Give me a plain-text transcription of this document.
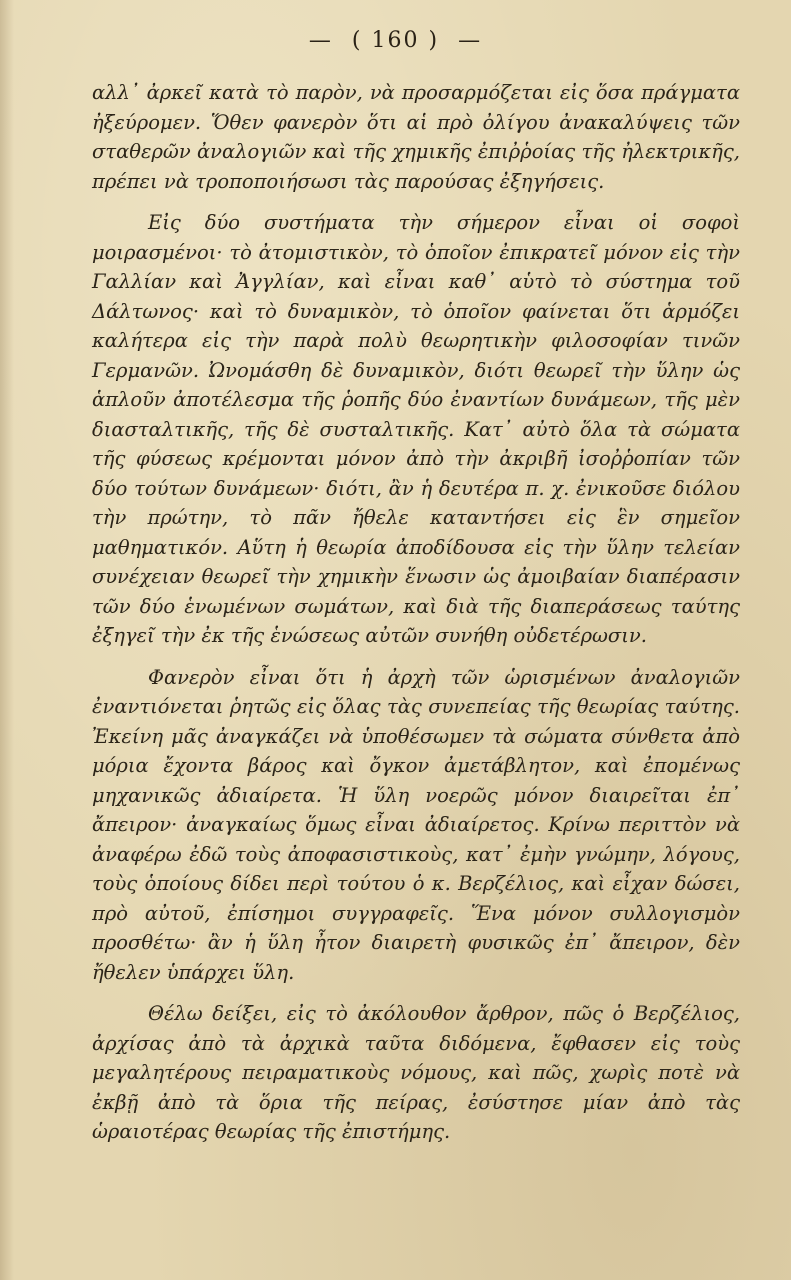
— ( 160 ) —

αλλ᾽ ἀρκεῖ κατὰ τὸ παρὸν, νὰ προσαρμόζεται εἰς ὅσα πράγματα ἠξεύρομεν. Ὅθεν φανερὸν ὅτι αἱ πρὸ ὀλίγου ἀνακαλύψεις τῶν σταθερῶν ἀναλογιῶν καὶ τῆς χημικῆς ἐπιῤῥοίας τῆς ἠλεκτρικῆς, πρέπει νὰ τροποποιήσωσι τὰς παρούσας ἐξηγήσεις.

Εἰς δύο συστήματα τὴν σήμερον εἶναι οἱ σοφοὶ μοιρασμένοι· τὸ ἀτομιστικὸν, τὸ ὁποῖον ἐπικρατεῖ μόνον εἰς τὴν Γαλλίαν καὶ Ἀγγλίαν, καὶ εἶναι καθ᾽ αὑτὸ τὸ σύστημα τοῦ Δάλτωνος· καὶ τὸ δυναμικὸν, τὸ ὁποῖον φαίνεται ὅτι ἁρμόζει καλήτερα εἰς τὴν παρὰ πολὺ θεωρητικὴν φιλοσοφίαν τινῶν Γερμανῶν. Ὠνομάσθη δὲ δυναμικὸν, διότι θεωρεῖ τὴν ὕλην ὡς ἁπλοῦν ἀποτέλεσμα τῆς ῥοπῆς δύο ἐναντίων δυνάμεων, τῆς μὲν διασταλτικῆς, τῆς δὲ συσταλτικῆς. Κατ᾽ αὐτὸ ὅλα τὰ σώματα τῆς φύσεως κρέμονται μόνον ἀπὸ τὴν ἀκριβῆ ἰσοῤῥοπίαν τῶν δύο τούτων δυνάμεων· διότι, ἂν ἡ δευτέρα π. χ. ἐνικοῦσε διόλου τὴν πρώτην, τὸ πᾶν ἤθελε καταντήσει εἰς ἓν σημεῖον μαθηματικόν. Αὕτη ἡ θεωρία ἀποδίδουσα εἰς τὴν ὕλην τελείαν συνέχειαν θεωρεῖ τὴν χημικὴν ἕνωσιν ὡς ἀμοιβαίαν διαπέρασιν τῶν δύο ἑνωμένων σωμάτων, καὶ διὰ τῆς διαπεράσεως ταύτης ἐξηγεῖ τὴν ἐκ τῆς ἑνώσεως αὐτῶν συνήθη οὐδετέρωσιν.

Φανερὸν εἶναι ὅτι ἡ ἀρχὴ τῶν ὡρισμένων ἀναλογιῶν ἐναντιόνεται ῥητῶς εἰς ὅλας τὰς συνεπείας τῆς θεωρίας ταύτης. Ἐκείνη μᾶς ἀναγκάζει νὰ ὑποθέσωμεν τὰ σώματα σύνθετα ἀπὸ μόρια ἔχοντα βάρος καὶ ὄγκον ἀμετάβλητον, καὶ ἐπομένως μηχανικῶς ἀδιαίρετα. Ἡ ὕλη νοερῶς μόνον διαιρεῖται ἐπ᾽ ἄπειρον· ἀναγκαίως ὅμως εἶναι ἀδιαίρετος. Κρίνω περιττὸν νὰ ἀναφέρω ἐδῶ τοὺς ἀποφασιστικοὺς, κατ᾽ ἐμὴν γνώμην, λόγους, τοὺς ὁποίους δίδει περὶ τούτου ὁ κ. Βερζέλιος, καὶ εἶχαν δώσει, πρὸ αὐτοῦ, ἐπίσημοι συγγραφεῖς. Ἕνα μόνον συλλογισμὸν προσθέτω· ἂν ἡ ὕλη ἦτον διαιρετὴ φυσικῶς ἐπ᾽ ἄπειρον, δὲν ἤθελεν ὑπάρχει ὕλη.

Θέλω δείξει, εἰς τὸ ἀκόλουθον ἄρθρον, πῶς ὁ Βερζέλιος, ἀρχίσας ἀπὸ τὰ ἀρχικὰ ταῦτα διδόμενα, ἔφθασεν εἰς τοὺς μεγαλητέρους πειραματικοὺς νόμους, καὶ πῶς, χωρὶς ποτὲ νὰ ἐκβῇ ἀπὸ τὰ ὅρια τῆς πείρας, ἐσύστησε μίαν ἀπὸ τὰς ὡραιοτέρας θεωρίας τῆς ἐπιστήμης.
